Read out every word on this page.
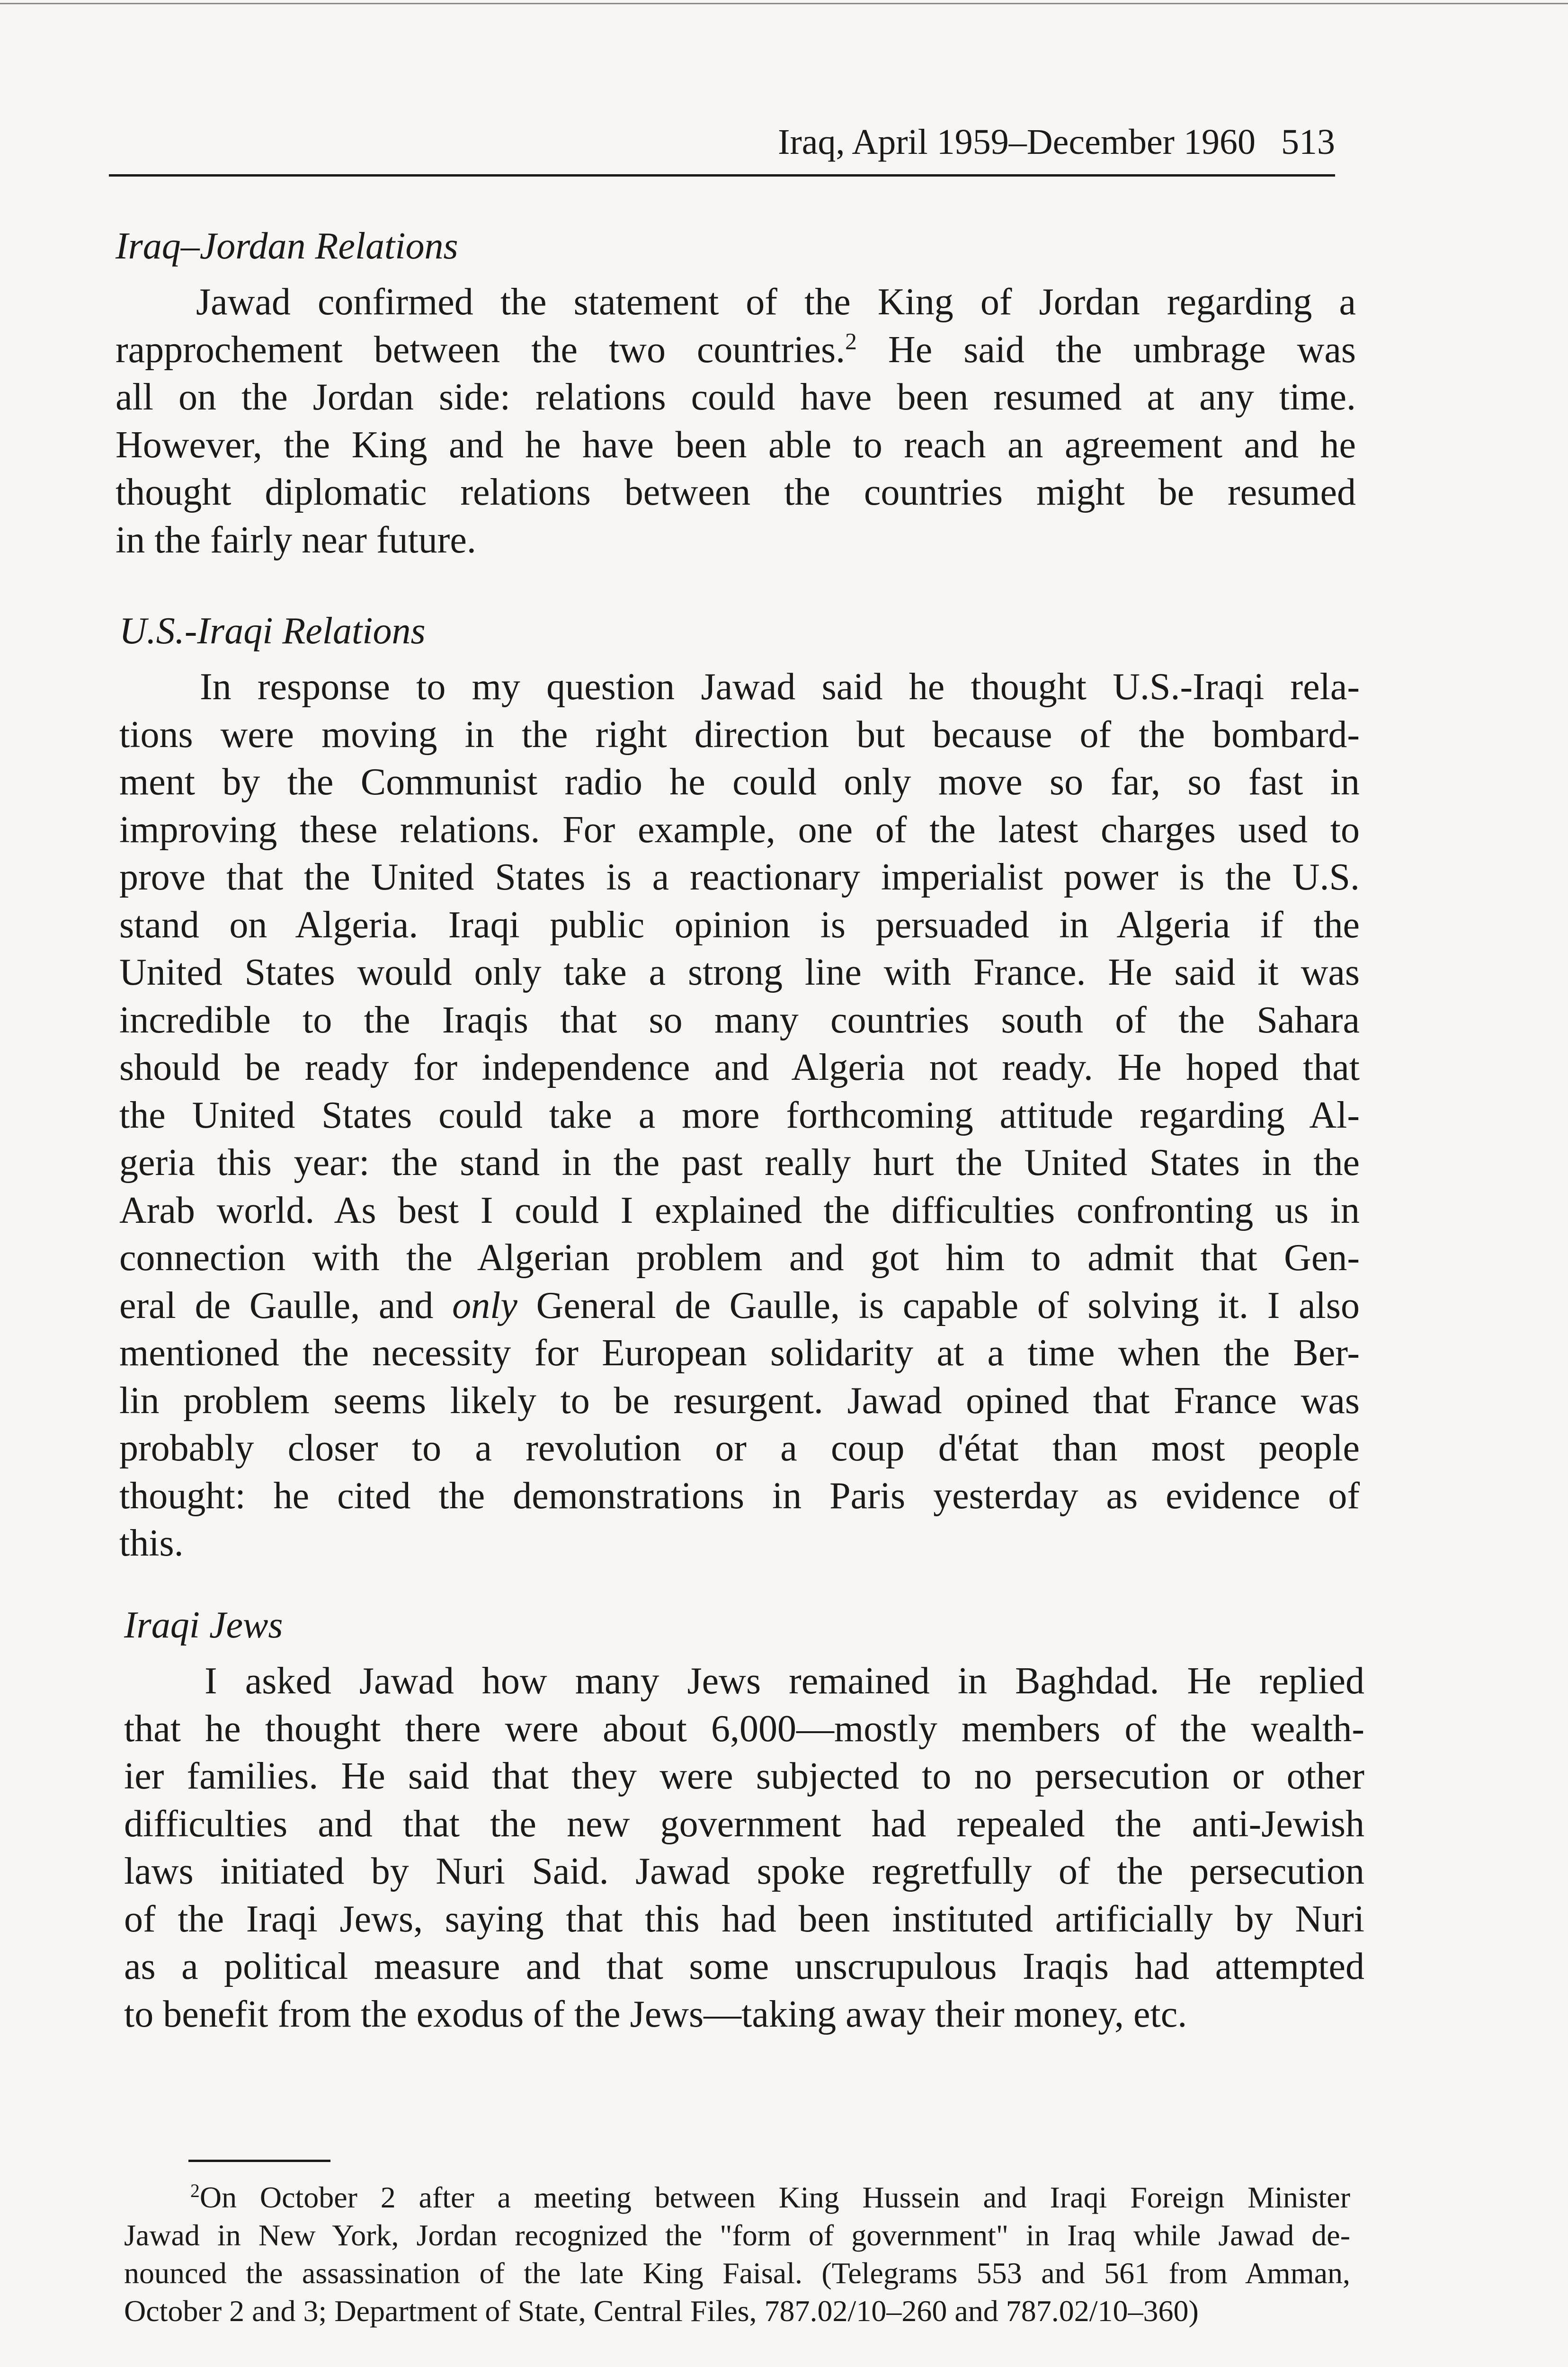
Iraq, April 1959–December 1960 513
Iraq–Jordan Relations
Jawad confirmed the statement of the King of Jordan regarding a
rapprochement between the two countries.$^2$ He said the umbrage was
all on the Jordan side: relations could have been resumed at any time.
However, the King and he have been able to reach an agreement and he
thought diplomatic relations between the countries might be resumed
in the fairly near future.
U.S.-Iraqi Relations
In response to my question Jawad said he thought U.S.-Iraqi rela-
tions were moving in the right direction but because of the bombard-
ment by the Communist radio he could only move so far, so fast in
improving these relations. For example, one of the latest charges used to
prove that the United States is a reactionary imperialist power is the U.S.
stand on Algeria. Iraqi public opinion is persuaded in Algeria if the
United States would only take a strong line with France. He said it was
incredible to the Iraqis that so many countries south of the Sahara
should be ready for independence and Algeria not ready. He hoped that
the United States could take a more forthcoming attitude regarding Al-
geria this year: the stand in the past really hurt the United States in the
Arab world. As best I could I explained the difficulties confronting us in
connection with the Algerian problem and got him to admit that Gen-
eral de Gaulle, and only General de Gaulle, is capable of solving it. I also
mentioned the necessity for European solidarity at a time when the Ber-
lin problem seems likely to be resurgent. Jawad opined that France was
probably closer to a revolution or a coup d'état than most people
thought: he cited the demonstrations in Paris yesterday as evidence of
this.
Iraqi Jews
I asked Jawad how many Jews remained in Baghdad. He replied
that he thought there were about 6,000—mostly members of the wealth-
ier families. He said that they were subjected to no persecution or other
difficulties and that the new government had repealed the anti-Jewish
laws initiated by Nuri Said. Jawad spoke regretfully of the persecution
of the Iraqi Jews, saying that this had been instituted artificially by Nuri
as a political measure and that some unscrupulous Iraqis had attempted
to benefit from the exodus of the Jews—taking away their money, etc.
$^2$On October 2 after a meeting between King Hussein and Iraqi Foreign Minister
Jawad in New York, Jordan recognized the "form of government" in Iraq while Jawad de-
nounced the assassination of the late King Faisal. (Telegrams 553 and 561 from Amman,
October 2 and 3; Department of State, Central Files, 787.02/10–260 and 787.02/10–360)
